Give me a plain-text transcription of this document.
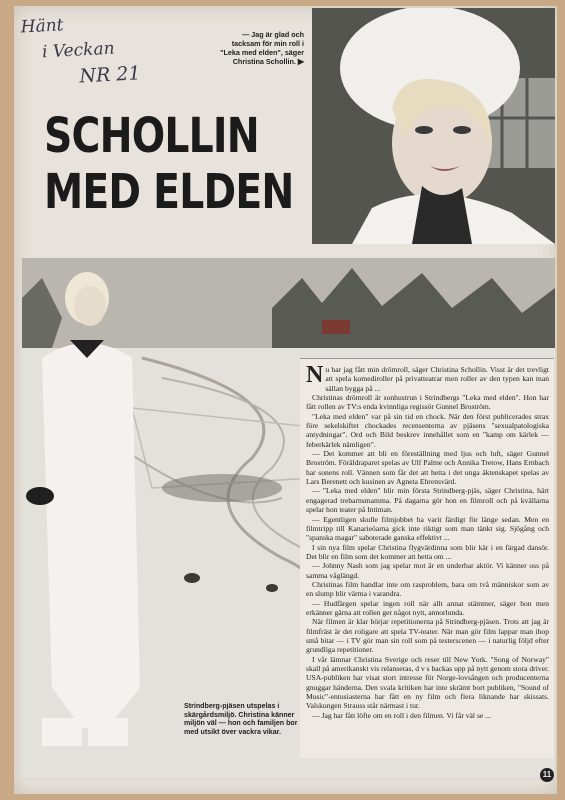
Hänt
i Veckan
NR 21
SCHOLLIN
MED ELDEN
— Jag är glad och tacksam för min roll i "Leka med elden", säger Christina Schollin. ▶

Nu har jag fått min drömroll, säger Christina Schollin. Visst är det trevligt att spela komediroller på privatteatrar men roller av den typen kan man sällan bygga på ...

Christinas drömroll är sonhustrun i Strindbergs "Leka med elden". Hon har fått rollen av TV:s enda kvinnliga regissör Gunnel Broström.

"Leka med elden" var på sin tid en chock. När den först publicerades strax före sekelskiftet chockades recensenterna av pjäsens "sexualpatologiska antydningar". Ord och Bild beskrev innehållet som en "kamp om kärlek — feberkärlek nämligen".

— Det kommer att bli en föreställning med ljus och luft, säger Gunnel Broström. Föräldraparet spelas av Ulf Palme och Annika Tretow, Hans Ernbach har sonens roll. Vännen som får det att hetta i det unga äktenskapet spelas av Lars Berenett och kusinen av Agneta Ehrensvärd.

— "Leka med elden" blir min första Strindberg-pjäs, säger Christina, härt engagerad trebarnsmamma. På dagarna gör hon en filmroll och på kvällarna spelar hon teater på Intiman.

— Egentligen skulle filmjobbet ha varit färdigt för länge sedan. Men en filmtripp till Kanarieöarna gick inte riktigt som man tänkt sig. Sjögång och "spanska magar" saboterade ganska effektivt ...

I sin nya film spelar Christina flygvärdinna som blir kär i en färgad dansör. Det blir en film som det kommer att hetta om ...

— Johnny Nash som jag spelar mot är en underbar aktör. Vi känner oss på samma våglängd.

Christinas film handlar inte om rasproblem, bara om två människor som av en slump blir värma i varandra.

— Hudfärgen spelar ingen roll när allt annat stämmer, säger hon men erkänner gärna att rollen ger något nytt, annorlunda.

När filmen är klar börjar repetitionerna på Strindberg-pjäsen. Trots att jag är filmfräst är det roligare att spela TV-teater. När man gör film lappar man ihop små bitar — i TV gör man sin roll som på testerscenen — i naturlig följd efter grundliga repetitioner.

I vår lämnar Christina Sverige och reser till New York. "Song of Norway" skall på amerikanskt vis relanseras, d v s backas upp på nytt genom stora driver. USA-publiken har visat stort intresse för Norge-lovsången och producenterna gnuggar händerna. Den svala kritiken har inte skrämt bort publiken, "Sound of Music"-entusiasterna har fått en ny film och flera liknande har skissats. Valskungen Strauss står närmast i tur.

— Jag har fått löfte om en roll i den filmen. Vi får väl se ...

Strindberg-pjäsen utspelas i skärgårdsmiljö. Christina känner miljön väl — hon och familjen bor med utsikt över vackra vikar.
11
